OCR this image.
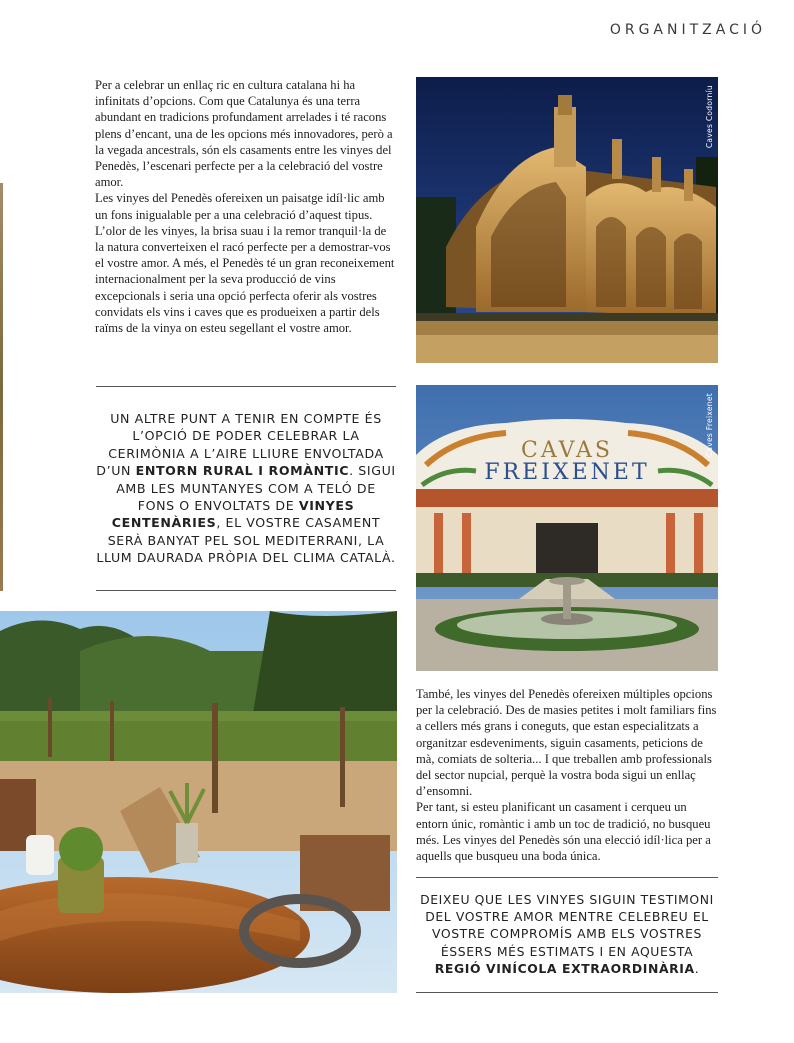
ORGANITZACIÓ

Per a celebrar un enllaç ric en cultura catalana hi ha infinitats d’opcions. Com que Catalunya és una terra abundant en tradicions profundament arrelades i té racons plens d’encant, una de les opcions més innovadores, però a la vegada ancestrals, són els casaments entre les vinyes del Penedès, l’escenari perfecte per a la celebració del vostre amor.

Les vinyes del Penedès ofereixen un paisatge idíl·lic amb un fons inigualable per a una celebració d’aquest tipus.

L’olor de les vinyes, la brisa suau i la remor tranquil·la de la natura converteixen el racó perfecte per a demostrar-vos el vostre amor. A més, el Penedès té un gran reconeixement internacionalment per la seva producció de vins excepcionals i seria una opció perfecta oferir als vostres convidats els vins i caves que es produeixen a partir dels raïms de la vinya on esteu segellant el vostre amor.

Caves Codorníu

UN ALTRE PUNT A TENIR EN COMPTE ÉS L’OPCIÓ DE PODER CELEBRAR LA CERIMÒNIA A L’AIRE LLIURE ENVOLTADA D’UN ENTORN RURAL I ROMÀNTIC. SIGUI AMB LES MUNTANYES COM A TELÓ DE FONS O ENVOLTATS DE VINYES CENTENÀRIES, EL VOSTRE CASAMENT SERÀ BANYAT PEL SOL MEDITERRANI, LA LLUM DAURADA PRÒPIA DEL CLIMA CATALÀ.

CAVAS
FREIXENET
Caves Freixenet

També, les vinyes del Penedès ofereixen múltiples opcions per la celebració. Des de masies petites i molt familiars fins a cellers més grans i coneguts, que estan especialitzats a organitzar esdeveniments, siguin casaments, peticions de mà, comiats de solteria... I que treballen amb professionals del sector nupcial, perquè la vostra boda sigui un enllaç d’ensomni.

Per tant, si esteu planificant un casament i cerqueu un entorn únic, romàntic i amb un toc de tradició, no busqueu més. Les vinyes del Penedès són una elecció idíl·lica per a aquells que busqueu una boda única.

DEIXEU QUE LES VINYES SIGUIN TESTIMONI DEL VOSTRE AMOR MENTRE CELEBREU EL VOSTRE COMPROMÍS AMB ELS VOSTRES ÉSSERS MÉS ESTIMATS I EN AQUESTA REGIÓ VINÍCOLA EXTRAORDINÀRIA.
